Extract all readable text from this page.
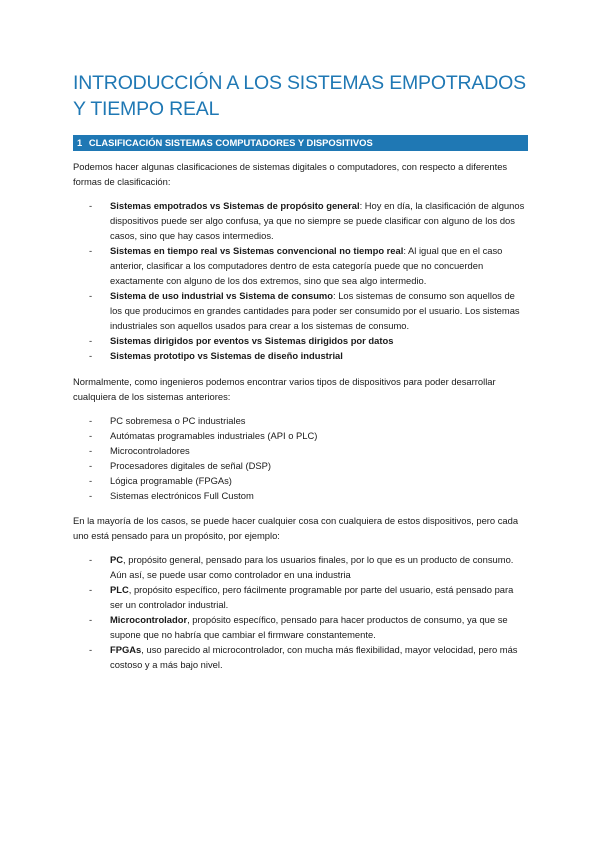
INTRODUCCIÓN A LOS SISTEMAS EMPOTRADOS Y TIEMPO REAL
1 CLASIFICACIÓN SISTEMAS COMPUTADORES Y DISPOSITIVOS

Podemos hacer algunas clasificaciones de sistemas digitales o computadores, con respecto a diferentes formas de clasificación:

- Sistemas empotrados vs Sistemas de propósito general: Hoy en día, la clasificación de algunos dispositivos puede ser algo confusa, ya que no siempre se puede clasificar con alguno de los dos casos, sino que hay casos intermedios.
- Sistemas en tiempo real vs Sistemas convencional no tiempo real: Al igual que en el caso anterior, clasificar a los computadores dentro de esta categoría puede que no concuerden exactamente con alguno de los dos extremos, sino que sea algo intermedio.
- Sistema de uso industrial vs Sistema de consumo: Los sistemas de consumo son aquellos de los que producimos en grandes cantidades para poder ser consumido por el usuario. Los sistemas industriales son aquellos usados para crear a los sistemas de consumo.
- Sistemas dirigidos por eventos vs Sistemas dirigidos por datos
- Sistemas prototipo vs Sistemas de diseño industrial

Normalmente, como ingenieros podemos encontrar varios tipos de dispositivos para poder desarrollar cualquiera de los sistemas anteriores:

- PC sobremesa o PC industriales
- Autómatas programables industriales (API o PLC)
- Microcontroladores
- Procesadores digitales de señal (DSP)
- Lógica programable (FPGAs)
- Sistemas electrónicos Full Custom

En la mayoría de los casos, se puede hacer cualquier cosa con cualquiera de estos dispositivos, pero cada uno está pensado para un propósito, por ejemplo:

- PC, propósito general, pensado para los usuarios finales, por lo que es un producto de consumo. Aún así, se puede usar como controlador en una industria
- PLC, propósito específico, pero fácilmente programable por parte del usuario, está pensado para ser un controlador industrial.
- Microcontrolador, propósito específico, pensado para hacer productos de consumo, ya que se supone que no habría que cambiar el firmware constantemente.
- FPGAs, uso parecido al microcontrolador, con mucha más flexibilidad, mayor velocidad, pero más costoso y a más bajo nivel.
